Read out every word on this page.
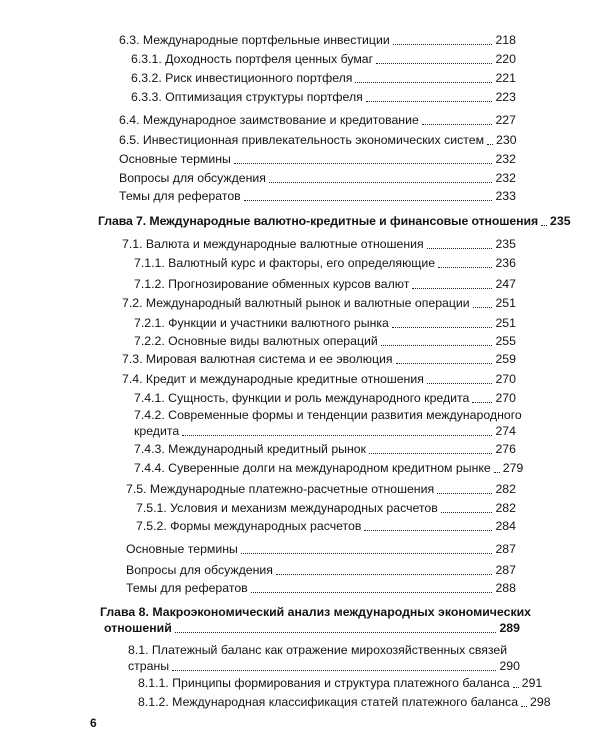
6.3. Международные портфельные инвестиции	218
6.3.1. Доходность портфеля ценных бумаг	220
6.3.2. Риск инвестиционного портфеля	221
6.3.3. Оптимизация структуры портфеля	223
6.4. Международное заимствование и кредитование	227
6.5. Инвестиционная привлекательность экономических систем 230
Основные термины	232
Вопросы для обсуждения	232
Темы для рефератов	233
Глава 7. Международные валютно-кредитные и финансовые отношения 235
7.1. Валюта и международные валютные отношения	235
7.1.1. Валютный курс и факторы, его определяющие	236
7.1.2. Прогнозирование обменных курсов валют	247
7.2. Международный валютный рынок и валютные операции 251
7.2.1. Функции и участники валютного рынка	251
7.2.2. Основные виды валютных операций	255
7.3. Мировая валютная система и ее эволюция	259
7.4. Кредит и международные кредитные отношения	270
7.4.1. Сущность, функции и роль международного кредита 270
7.4.2. Современные формы и тенденции развития международного
кредита	274
7.4.3. Международный кредитный рынок	276
7.4.4. Суверенные долги на международном кредитном рынке 279
7.5. Международные платежно-расчетные отношения	282
7.5.1. Условия и механизм международных расчетов	282
7.5.2. Формы международных расчетов	284
Основные термины	287
Вопросы для обсуждения	287
Темы для рефератов	288
Глава 8. Макроэкономический анализ международных экономических
отношений	289
8.1. Платежный баланс как отражение мирохозяйственных связей
страны	290
8.1.1. Принципы формирования и структура платежного баланса 291
8.1.2. Международная классификация статей платежного баланса 298
6
